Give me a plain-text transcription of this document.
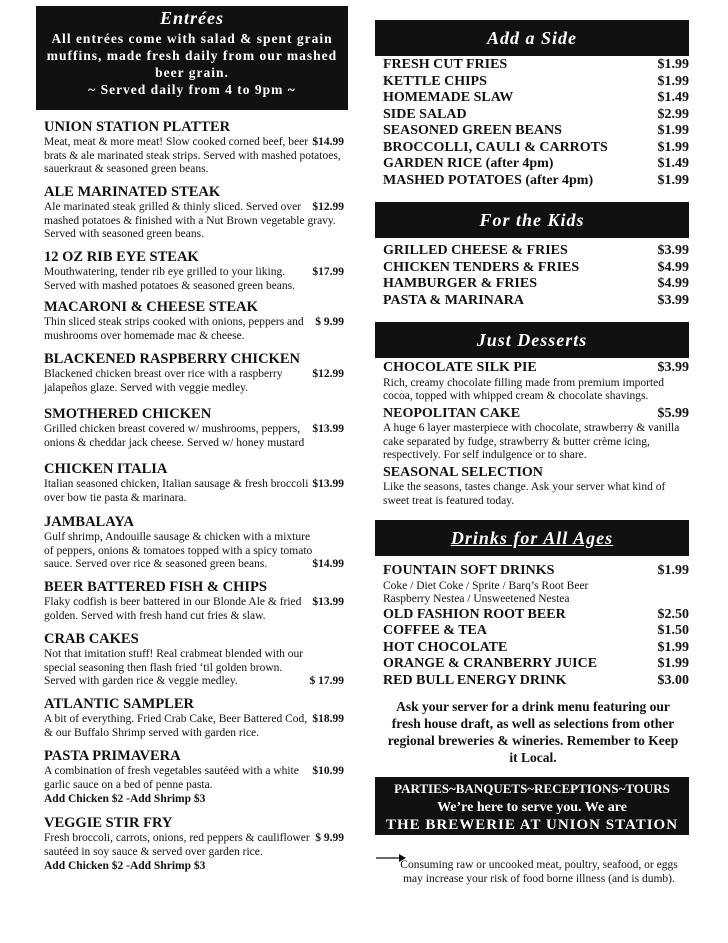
Entrées
All entrées come with salad & spent grain muffins, made fresh daily from our mashed beer grain.
~ Served daily from 4 to 9pm ~
UNION STATION PLATTER
$14.99
Meat, meat & more meat! Slow cooked corned beef, beer brats & ale marinated steak strips. Served with mashed potatoes, sauerkraut & seasoned green beans.
ALE MARINATED STEAK
$12.99
Ale marinated steak grilled & thinly sliced. Served over mashed potatoes & finished with a Nut Brown vegetable gravy. Served with seasoned green beans.
12 OZ RIB EYE STEAK
$17.99
Mouthwatering, tender rib eye grilled to your liking. Served with mashed potatoes & seasoned green beans.
MACARONI & CHEESE STEAK
$ 9.99
Thin sliced steak strips cooked with onions, peppers and mushrooms over homemade mac & cheese.
BLACKENED RASPBERRY CHICKEN
$12.99
Blackened chicken breast over rice with a raspberry jalapeños glaze. Served with veggie medley.
SMOTHERED CHICKEN
$13.99
Grilled chicken breast covered w/ mushrooms, peppers, onions & cheddar jack cheese. Served w/ honey mustard
CHICKEN ITALIA
$13.99
Italian seasoned chicken, Italian sausage & fresh broccoli over bow tie pasta & marinara.
JAMBALAYA
$14.99
Gulf shrimp, Andouille sausage & chicken with a mixture of peppers, onions & tomatoes topped with a spicy tomato sauce. Served over rice & seasoned green beans.
BEER BATTERED FISH & CHIPS
$13.99
Flaky codfish is beer battered in our Blonde Ale & fried golden. Served with fresh hand cut fries & slaw.
CRAB CAKES
$ 17.99
Not that imitation stuff! Real crabmeat blended with our special seasoning then flash fried ‘til golden brown. Served with garden rice & veggie medley.
ATLANTIC SAMPLER
$18.99
A bit of everything. Fried Crab Cake, Beer Battered Cod, & our Buffalo Shrimp served with garden rice.
PASTA PRIMAVERA
$10.99
A combination of fresh vegetables sautéed with a white garlic sauce on a bed of penne pasta.
Add Chicken $2 -Add Shrimp $3
VEGGIE STIR FRY
$ 9.99
Fresh broccoli, carrots, onions, red peppers & cauliflower sautéed in soy sauce & served over garden rice.
Add Chicken $2 -Add Shrimp $3
Add a Side
FRESH CUT FRIES	$1.99
KETTLE CHIPS	$1.99
HOMEMADE SLAW	$1.49
SIDE SALAD	$2.99
SEASONED GREEN BEANS	$1.99
BROCCOLLI, CAULI & CARROTS	$1.99
GARDEN RICE (after 4pm)	$1.49
MASHED POTATOES (after 4pm)	$1.99
For the Kids
GRILLED CHEESE & FRIES	$3.99
CHICKEN TENDERS & FRIES	$4.99
HAMBURGER & FRIES	$4.99
PASTA & MARINARA	$3.99
Just Desserts
CHOCOLATE SILK PIE	$3.99
Rich, creamy chocolate filling made from premium imported cocoa, topped with whipped cream & chocolate shavings.
NEOPOLITAN CAKE	$5.99
A huge 6 layer masterpiece with chocolate, strawberry & vanilla cake separated by fudge, strawberry & butter crème icing, respectively. For self indulgence or to share.
SEASONAL SELECTION
Like the seasons, tastes change. Ask your server what kind of sweet treat is featured today.
Drinks for All Ages
FOUNTAIN SOFT DRINKS	$1.99
Coke / Diet Coke / Sprite / Barq’s Root Beer
Raspberry Nestea / Unsweetened Nestea
OLD FASHION ROOT BEER	$2.50
COFFEE & TEA	$1.50
HOT CHOCOLATE	$1.99
ORANGE & CRANBERRY JUICE	$1.99
RED BULL ENERGY DRINK	$3.00
Ask your server for a drink menu featuring our fresh house draft, as well as selections from other regional breweries & wineries. Remember to Keep it Local.
PARTIES~BANQUETS~RECEPTIONS~TOURS
We’re here to serve you. We are
THE BREWERIE AT UNION STATION
Consuming raw or uncooked meat, poultry, seafood, or eggs may increase your risk of food borne illness (and is dumb).
